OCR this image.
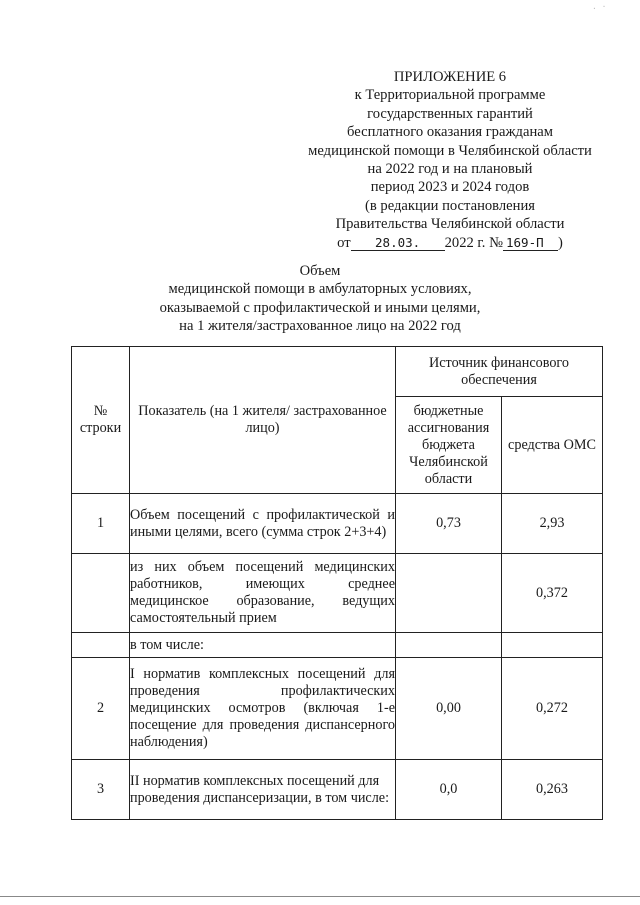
. ·
ПРИЛОЖЕНИЕ 6
к Территориальной программе
государственных гарантий
бесплатного оказания гражданам
медицинской помощи в Челябинской области
на 2022 год и на плановый
период 2023 и 2024 годов
(в редакции постановления
Правительства Челябинской области
от 28.03. 2022 г. № 169-П )
Объем
медицинской помощи в амбулаторных условиях,
оказываемой с профилактической и иными целями,
на 1 жителя/застрахованное лицо на 2022 год
№ строки	Показатель (на 1 жителя/ застрахованное лицо)	Источник финансового обеспечения	
		бюджетные ассигнования бюджета Челябинской области	средства ОМС
1	Объем посещений с профилактической и иными целями, всего (сумма строк 2+3+4)	0,73	2,93
	из них объем посещений медицинских работников, имеющих среднее медицинское образование, ведущих самостоятельный прием		0,372
	в том числе:		
2	I норматив комплексных посещений для проведения профилактических медицинских осмотров (включая 1-е посещение для проведения диспансерного наблюдения)	0,00	0,272
3	II норматив комплексных посещений для проведения диспансеризации, в том числе:	0,0	0,263
